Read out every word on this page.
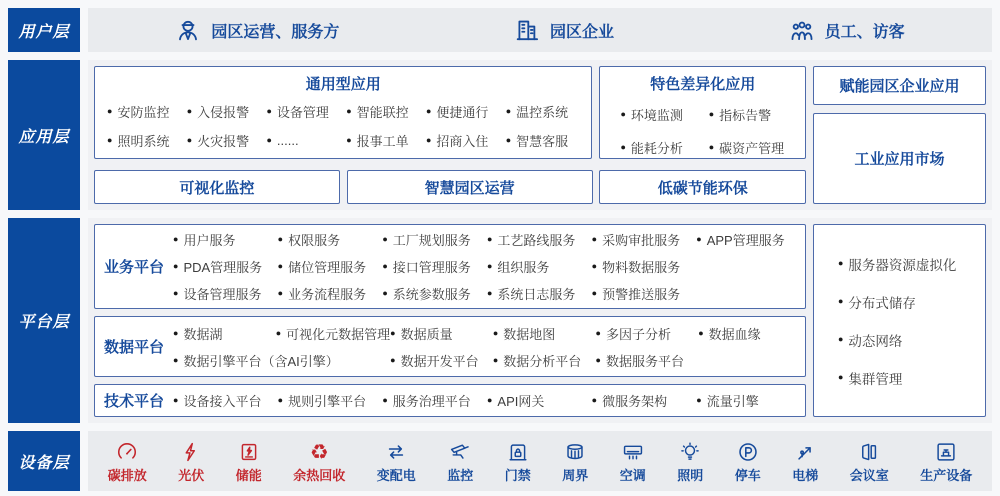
用户层	园区运营、服务方	园区企业	员工、访客
应用层
通用型应用
● 安防监控	● 入侵报警	● 设备管理	● 智能联控	● 便捷通行	● 温控系统
● 照明系统	● 火灾报警	● ......	● 报事工单	● 招商入住	● 智慧客服
可视化监控	智慧园区运营
特色差异化应用
● 环境监测	● 指标告警
● 能耗分析	● 碳资产管理
低碳节能环保
赋能园区企业应用
工业应用市场
平台层
业务平台
● 用户服务	● 权限服务	● 工厂规划服务	● 工艺路线服务	● 采购审批服务	● APP管理服务
● PDA管理服务	● 储位管理服务	● 接口管理服务	● 组织服务	● 物料数据服务
● 设备管理服务	● 业务流程服务	● 系统参数服务	● 系统日志服务	● 预警推送服务
数据平台
● 数据湖	● 可视化元数据管理 ● 数据质量	● 数据地图	● 多因子分析	● 数据血缘
● 数据引擎平台（含AI引擎）	● 数据开发平台	● 数据分析平台	● 数据服务平台
技术平台	● 设备接入平台	● 规则引擎平台	● 服务治理平台	● API网关	● 微服务架构	● 流量引擎
● 服务器资源虚拟化
● 分布式储存
● 动态网络
● 集群管理
设备层
碳排放 光伏 储能
♻
余热回收 变配电 监控 门禁 周界 空调 照明 停车 电梯 会议室 生产设备
